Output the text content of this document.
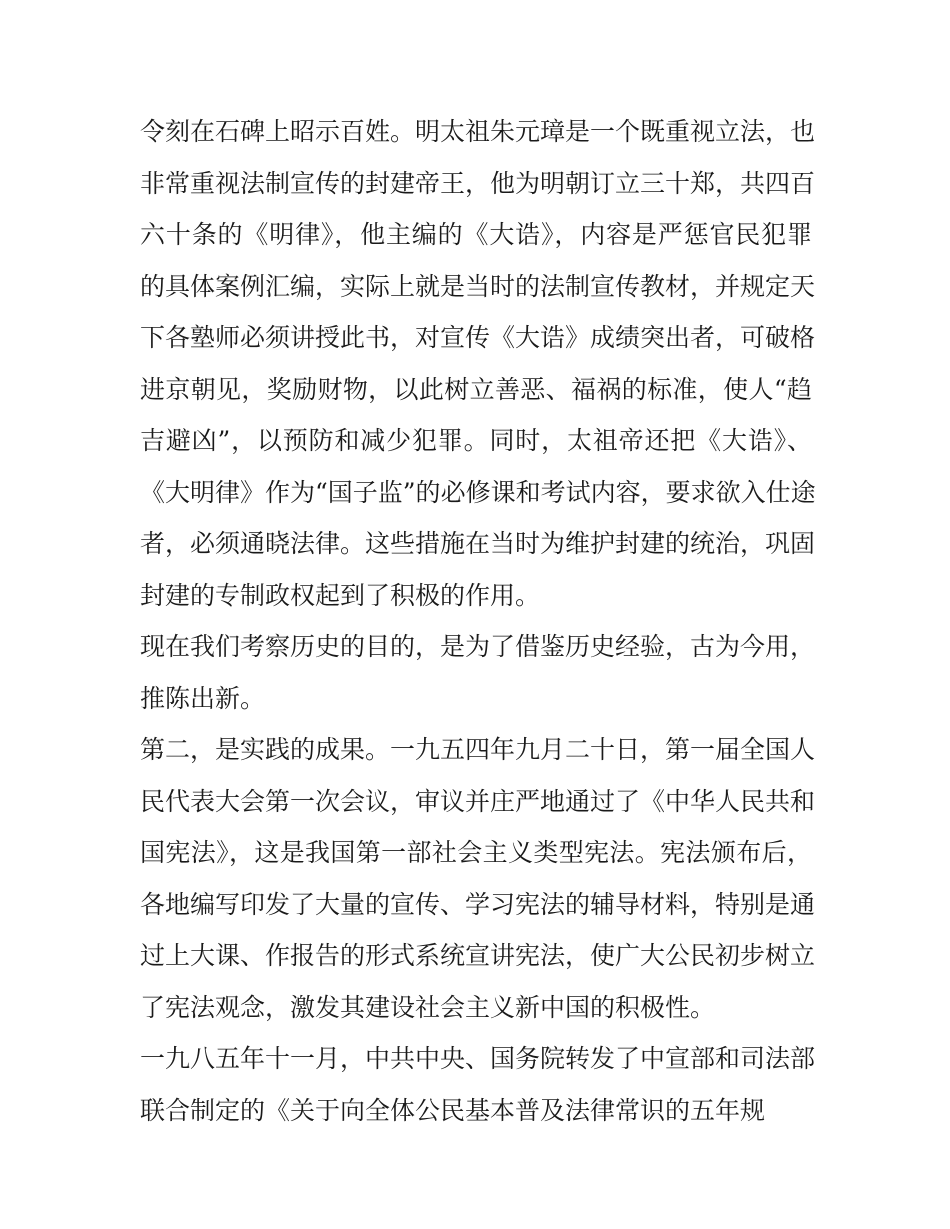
令刻在石碑上昭示百姓。明太祖朱元璋是一个既重视立法，也
非常重视法制宣传的封建帝王，他为明朝订立三十郑，共四百
六十条的《明律》，他主编的《大诰》，内容是严惩官民犯罪
的具体案例汇编，实际上就是当时的法制宣传教材，并规定天
下各塾师必须讲授此书，对宣传《大诰》成绩突出者，可破格
进京朝见，奖励财物，以此树立善恶、福祸的标准，使人“趋
吉避凶”，以预防和减少犯罪。同时，太祖帝还把《大诰》、
《大明律》作为“国子监”的必修课和考试内容，要求欲入仕途
者，必须通晓法律。这些措施在当时为维护封建的统治，巩固
封建的专制政权起到了积极的作用。
现在我们考察历史的目的，是为了借鉴历史经验，古为今用，
推陈出新。
第二，是实践的成果。一九五四年九月二十日，第一届全国人
民代表大会第一次会议，审议并庄严地通过了《中华人民共和
国宪法》，这是我国第一部社会主义类型宪法。宪法颁布后，
各地编写印发了大量的宣传、学习宪法的辅导材料，特别是通
过上大课、作报告的形式系统宣讲宪法，使广大公民初步树立
了宪法观念，激发其建设社会主义新中国的积极性。
一九八五年十一月，中共中央、国务院转发了中宣部和司法部
联合制定的《关于向全体公民基本普及法律常识的五年规
